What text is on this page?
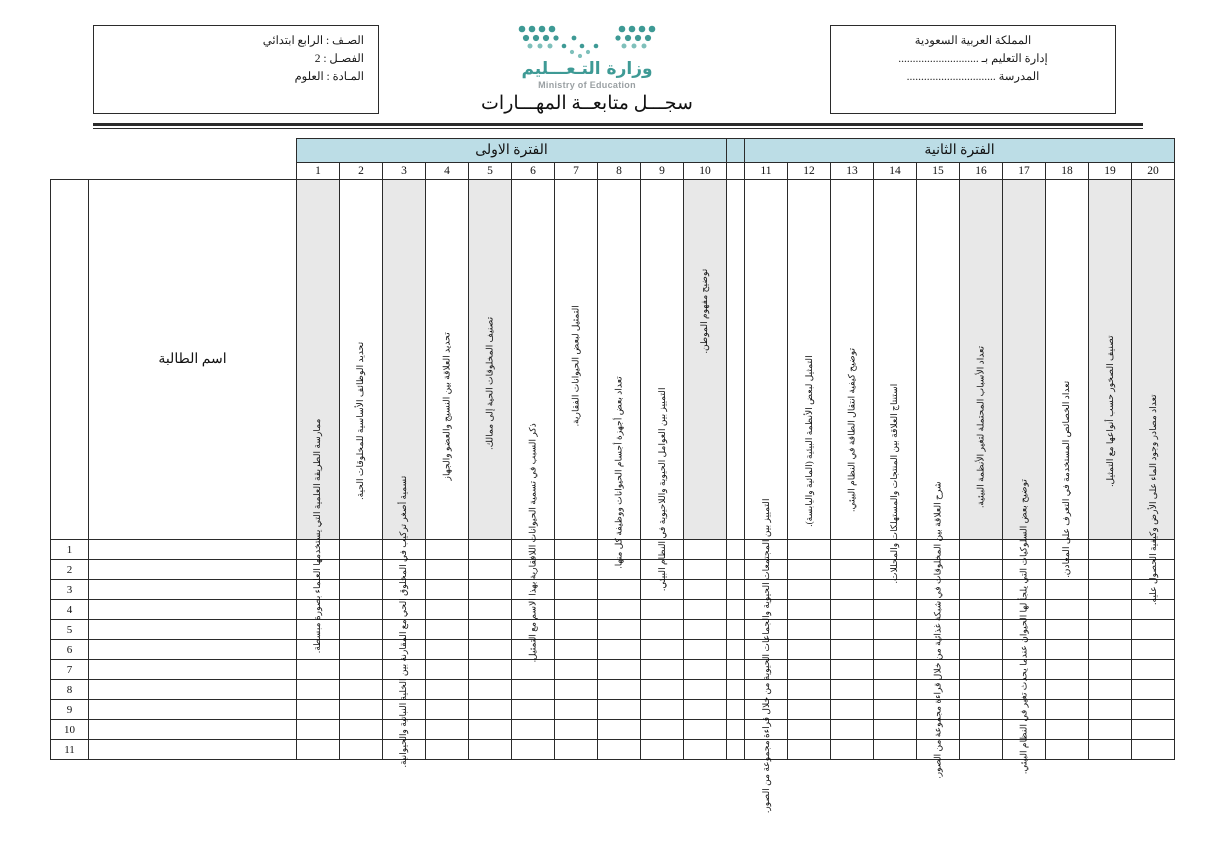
الصـف : الرابع ابتدائي
الفصـل : 2
المـادة : العلوم	وزارة التـعـــليم
Ministry of Education
سجـــل متابعــة المهـــارات
المملكة العربية السعودية
إدارة التعليم بـ ............................
المدرسة ...............................
الفترة الثانية											الفترة الاولى											
20	19	18	17	16	15	14	13	12	11		10	9	8	7	6	5	4	3	2	1		

تعداد مصادر وجود الماء على الأرض وكيفية الحصول عليه.	تصنيف الصخور حسب أنواعها مع التمثيل.	تعداد الخصائص المستخدمة في التعرف على المعادن.	توضيح بعض السلوكيات التي يلجأ لها الحيوان عندما يحدث تغير في النظام البيئي.	تعداد الأسباب المحتملة لتغير الأنظمة البيئية.	شرح العلاقة بين المخلوقات في شبكة غذائية من خلال قراءة مجموعة من الصور.	استنتاج العلاقة بين المنتجات والمستهلكات والمحللات.	توضيح كيفية انتقال الطاقة في النظام البيئي.	التمثيل لبعض الأنظمة البيئية (المائية واليابسة).	التمييز بين المجتمعات الحيوية والجماعات الحيوية من خلال قراءة مجموعة من الصور.		توضيح مفهوم الموطن.	التمييز بين العوامل الحيوية واللاحيوية في النظام البيئي.	تعداد بعض أجهزة أجسام الحيوانات ووظيفة كل منها.	التمثيل لبعض الحيوانات الفقارية.	ذكر السبب في تسمية الحيوانات اللافقارية بهذا الاسم مع التمثيل.	تصنيف المخلوقات الحية إلى ممالك.	تحديد العلاقة بين النسيج والعضو والجهاز	تسمية أصغر تركيب في المخلوق الحي مع المقارنة بين الخلية النباتية والحيوانية.	تحديد الوظائف الأساسية للمخلوقات الحية.	ممارسة الطريقة العلمية التي يستخدمها العلماء بصورة مبسطة.	اسم الطالبة	
																						1
																						2
																						3
																						4
																						5
																						6
																						7
																						8
																						9
																						10
																						11
